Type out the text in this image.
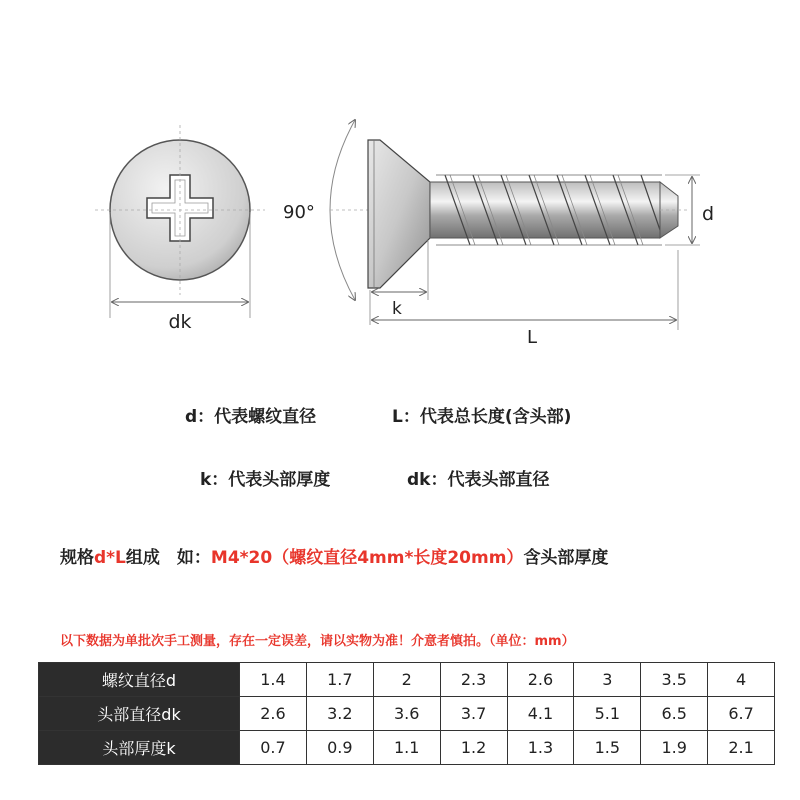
dk
90°	d
k
L
d：代表螺纹直径	L：代表总长度(含头部)
k：代表头部厚度	dk：代表头部直径
规格d*L组成　如：M4*20（螺纹直径4mm*长度20mm）含头部厚度
以下数据为单批次手工测量，存在一定误差，请以实物为准！介意者慎拍。（单位：mm）
螺纹直径d	1.4	1.7	2	2.3	2.6	3	3.5	4
头部直径dk	2.6	3.2	3.6	3.7	4.1	5.1	6.5	6.7
头部厚度k	0.7	0.9	1.1	1.2	1.3	1.5	1.9	2.1
